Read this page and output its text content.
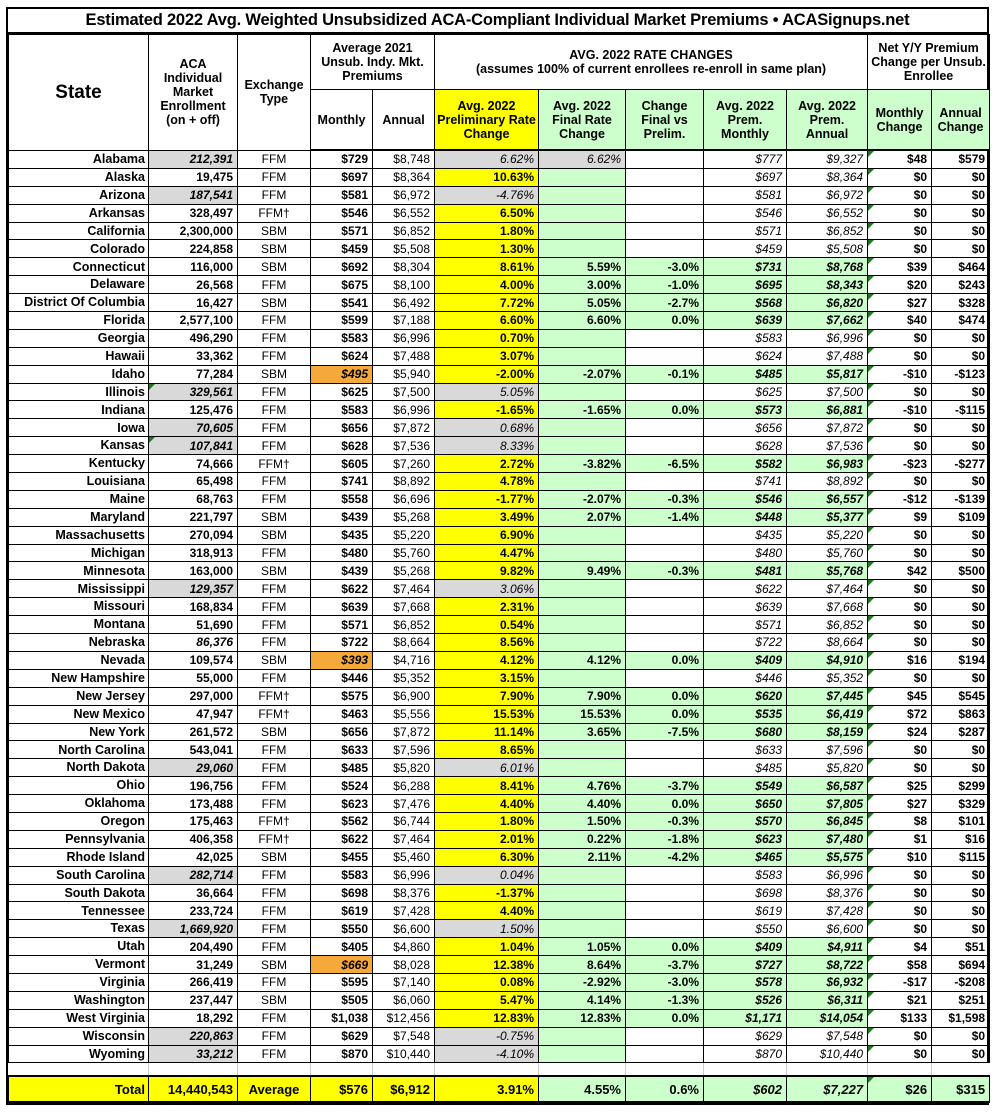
Estimated 2022 Avg. Weighted Unsubsidized ACA-Compliant Individual Market Premiums • ACASignups.net
State	ACA Individual Market Enrollment (on + off)	Exchange Type	Average 2021 Unsub. Indy. Mkt. Premiums		AVG. 2022 RATE CHANGES
(assumes 100% of current enrollees re-enroll in same plan)					Net Y/Y Premium Change per Unsub. Enrollee	
			Monthly	Annual	Avg. 2022 Preliminary Rate Change	Avg. 2022 Final Rate Change	Change Final vs Prelim.	Avg. 2022 Prem. Monthly	Avg. 2022 Prem. Annual	Monthly Change	Annual Change
Alabama	212,391	FFM	$729	$8,748	6.62%	6.62%		$777	$9,327	$48	$579
Alaska	19,475	FFM	$697	$8,364	10.63%			$697	$8,364	$0	$0
Arizona	187,541	FFM	$581	$6,972	-4.76%			$581	$6,972	$0	$0
Arkansas	328,497	FFM†	$546	$6,552	6.50%			$546	$6,552	$0	$0
California	2,300,000	SBM	$571	$6,852	1.80%			$571	$6,852	$0	$0
Colorado	224,858	SBM	$459	$5,508	1.30%			$459	$5,508	$0	$0
Connecticut	116,000	SBM	$692	$8,304	8.61%	5.59%	-3.0%	$731	$8,768	$39	$464
Delaware	26,568	FFM	$675	$8,100	4.00%	3.00%	-1.0%	$695	$8,343	$20	$243
District Of Columbia	16,427	SBM	$541	$6,492	7.72%	5.05%	-2.7%	$568	$6,820	$27	$328
Florida	2,577,100	FFM	$599	$7,188	6.60%	6.60%	0.0%	$639	$7,662	$40	$474
Georgia	496,290	FFM	$583	$6,996	0.70%			$583	$6,996	$0	$0
Hawaii	33,362	FFM	$624	$7,488	3.07%			$624	$7,488	$0	$0
Idaho	77,284	SBM	$495	$5,940	-2.00%	-2.07%	-0.1%	$485	$5,817	-$10	-$123
Illinois	329,561	FFM	$625	$7,500	5.05%			$625	$7,500	$0	$0
Indiana	125,476	FFM	$583	$6,996	-1.65%	-1.65%	0.0%	$573	$6,881	-$10	-$115
Iowa	70,605	FFM	$656	$7,872	0.68%			$656	$7,872	$0	$0
Kansas	107,841	FFM	$628	$7,536	8.33%			$628	$7,536	$0	$0
Kentucky	74,666	FFM†	$605	$7,260	2.72%	-3.82%	-6.5%	$582	$6,983	-$23	-$277
Louisiana	65,498	FFM	$741	$8,892	4.78%			$741	$8,892	$0	$0
Maine	68,763	FFM	$558	$6,696	-1.77%	-2.07%	-0.3%	$546	$6,557	-$12	-$139
Maryland	221,797	SBM	$439	$5,268	3.49%	2.07%	-1.4%	$448	$5,377	$9	$109
Massachusetts	270,094	SBM	$435	$5,220	6.90%			$435	$5,220	$0	$0
Michigan	318,913	FFM	$480	$5,760	4.47%			$480	$5,760	$0	$0
Minnesota	163,000	SBM	$439	$5,268	9.82%	9.49%	-0.3%	$481	$5,768	$42	$500
Mississippi	129,357	FFM	$622	$7,464	3.06%			$622	$7,464	$0	$0
Missouri	168,834	FFM	$639	$7,668	2.31%			$639	$7,668	$0	$0
Montana	51,690	FFM	$571	$6,852	0.54%			$571	$6,852	$0	$0
Nebraska	86,376	FFM	$722	$8,664	8.56%			$722	$8,664	$0	$0
Nevada	109,574	SBM	$393	$4,716	4.12%	4.12%	0.0%	$409	$4,910	$16	$194
New Hampshire	55,000	FFM	$446	$5,352	3.15%			$446	$5,352	$0	$0
New Jersey	297,000	FFM†	$575	$6,900	7.90%	7.90%	0.0%	$620	$7,445	$45	$545
New Mexico	47,947	FFM†	$463	$5,556	15.53%	15.53%	0.0%	$535	$6,419	$72	$863
New York	261,572	SBM	$656	$7,872	11.14%	3.65%	-7.5%	$680	$8,159	$24	$287
North Carolina	543,041	FFM	$633	$7,596	8.65%			$633	$7,596	$0	$0
North Dakota	29,060	FFM	$485	$5,820	6.01%			$485	$5,820	$0	$0
Ohio	196,756	FFM	$524	$6,288	8.41%	4.76%	-3.7%	$549	$6,587	$25	$299
Oklahoma	173,488	FFM	$623	$7,476	4.40%	4.40%	0.0%	$650	$7,805	$27	$329
Oregon	175,463	FFM†	$562	$6,744	1.80%	1.50%	-0.3%	$570	$6,845	$8	$101
Pennsylvania	406,358	FFM†	$622	$7,464	2.01%	0.22%	-1.8%	$623	$7,480	$1	$16
Rhode Island	42,025	SBM	$455	$5,460	6.30%	2.11%	-4.2%	$465	$5,575	$10	$115
South Carolina	282,714	FFM	$583	$6,996	0.04%			$583	$6,996	$0	$0
South Dakota	36,664	FFM	$698	$8,376	-1.37%			$698	$8,376	$0	$0
Tennessee	233,724	FFM	$619	$7,428	4.40%			$619	$7,428	$0	$0
Texas	1,669,920	FFM	$550	$6,600	1.50%			$550	$6,600	$0	$0
Utah	204,490	FFM	$405	$4,860	1.04%	1.05%	0.0%	$409	$4,911	$4	$51
Vermont	31,249	SBM	$669	$8,028	12.38%	8.64%	-3.7%	$727	$8,722	$58	$694
Virginia	266,419	FFM	$595	$7,140	0.08%	-2.92%	-3.0%	$578	$6,932	-$17	-$208
Washington	237,447	SBM	$505	$6,060	5.47%	4.14%	-1.3%	$526	$6,311	$21	$251
West Virginia	18,292	FFM	$1,038	$12,456	12.83%	12.83%	0.0%	$1,171	$14,054	$133	$1,598
Wisconsin	220,863	FFM	$629	$7,548	-0.75%			$629	$7,548	$0	$0
Wyoming	33,212	FFM	$870	$10,440	-4.10%			$870	$10,440	$0	$0

Total	14,440,543	Average	$576	$6,912	3.91%	4.55%	0.6%	$602	$7,227	$26	$315
